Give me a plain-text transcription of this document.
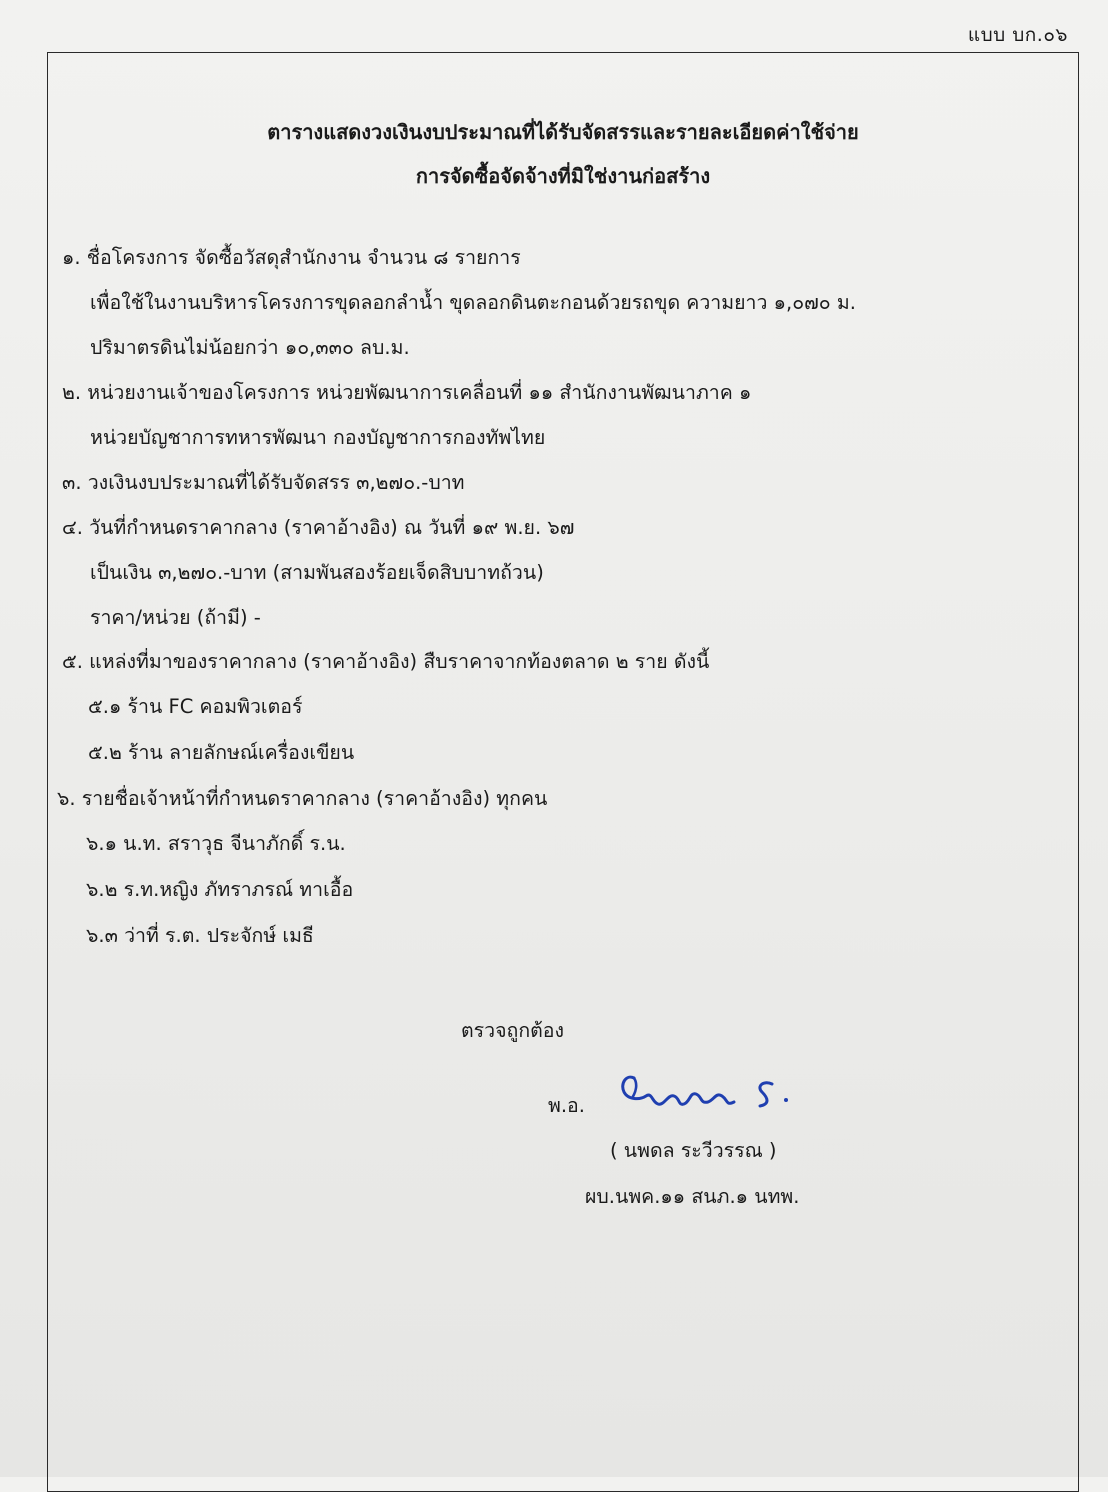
แบบ บก.๐๖
ตารางแสดงวงเงินงบประมาณที่ได้รับจัดสรรและรายละเอียดค่าใช้จ่าย
การจัดซื้อจัดจ้างที่มิใช่งานก่อสร้าง
๑. ชื่อโครงการ จัดซื้อวัสดุสำนักงาน จำนวน ๘ รายการ
เพื่อใช้ในงานบริหารโครงการขุดลอกลำน้ำ ขุดลอกดินตะกอนด้วยรถขุด ความยาว ๑,๐๗๐ ม.
ปริมาตรดินไม่น้อยกว่า ๑๐,๓๓๐ ลบ.ม.
๒. หน่วยงานเจ้าของโครงการ หน่วยพัฒนาการเคลื่อนที่ ๑๑ สำนักงานพัฒนาภาค ๑
หน่วยบัญชาการทหารพัฒนา กองบัญชาการกองทัพไทย
๓. วงเงินงบประมาณที่ได้รับจัดสรร ๓,๒๗๐.-บาท
๔. วันที่กำหนดราคากลาง (ราคาอ้างอิง) ณ วันที่ ๑๙ พ.ย. ๖๗
เป็นเงิน ๓,๒๗๐.-บาท (สามพันสองร้อยเจ็ดสิบบาทถ้วน)
ราคา/หน่วย (ถ้ามี) -
๕. แหล่งที่มาของราคากลาง (ราคาอ้างอิง) สืบราคาจากท้องตลาด ๒ ราย ดังนี้
๕.๑ ร้าน FC คอมพิวเตอร์
๕.๒ ร้าน ลายลักษณ์เครื่องเขียน
๖. รายชื่อเจ้าหน้าที่กำหนดราคากลาง (ราคาอ้างอิง) ทุกคน
๖.๑ น.ท. สราวุธ จีนาภักดิ์ ร.น.
๖.๒ ร.ท.หญิง ภัทราภรณ์ ทาเอื้อ
๖.๓ ว่าที่ ร.ต. ประจักษ์ เมธี
ตรวจถูกต้อง
พ.อ.
( นพดล ระวีวรรณ )
ผบ.นพค.๑๑ สนภ.๑ นทพ.
